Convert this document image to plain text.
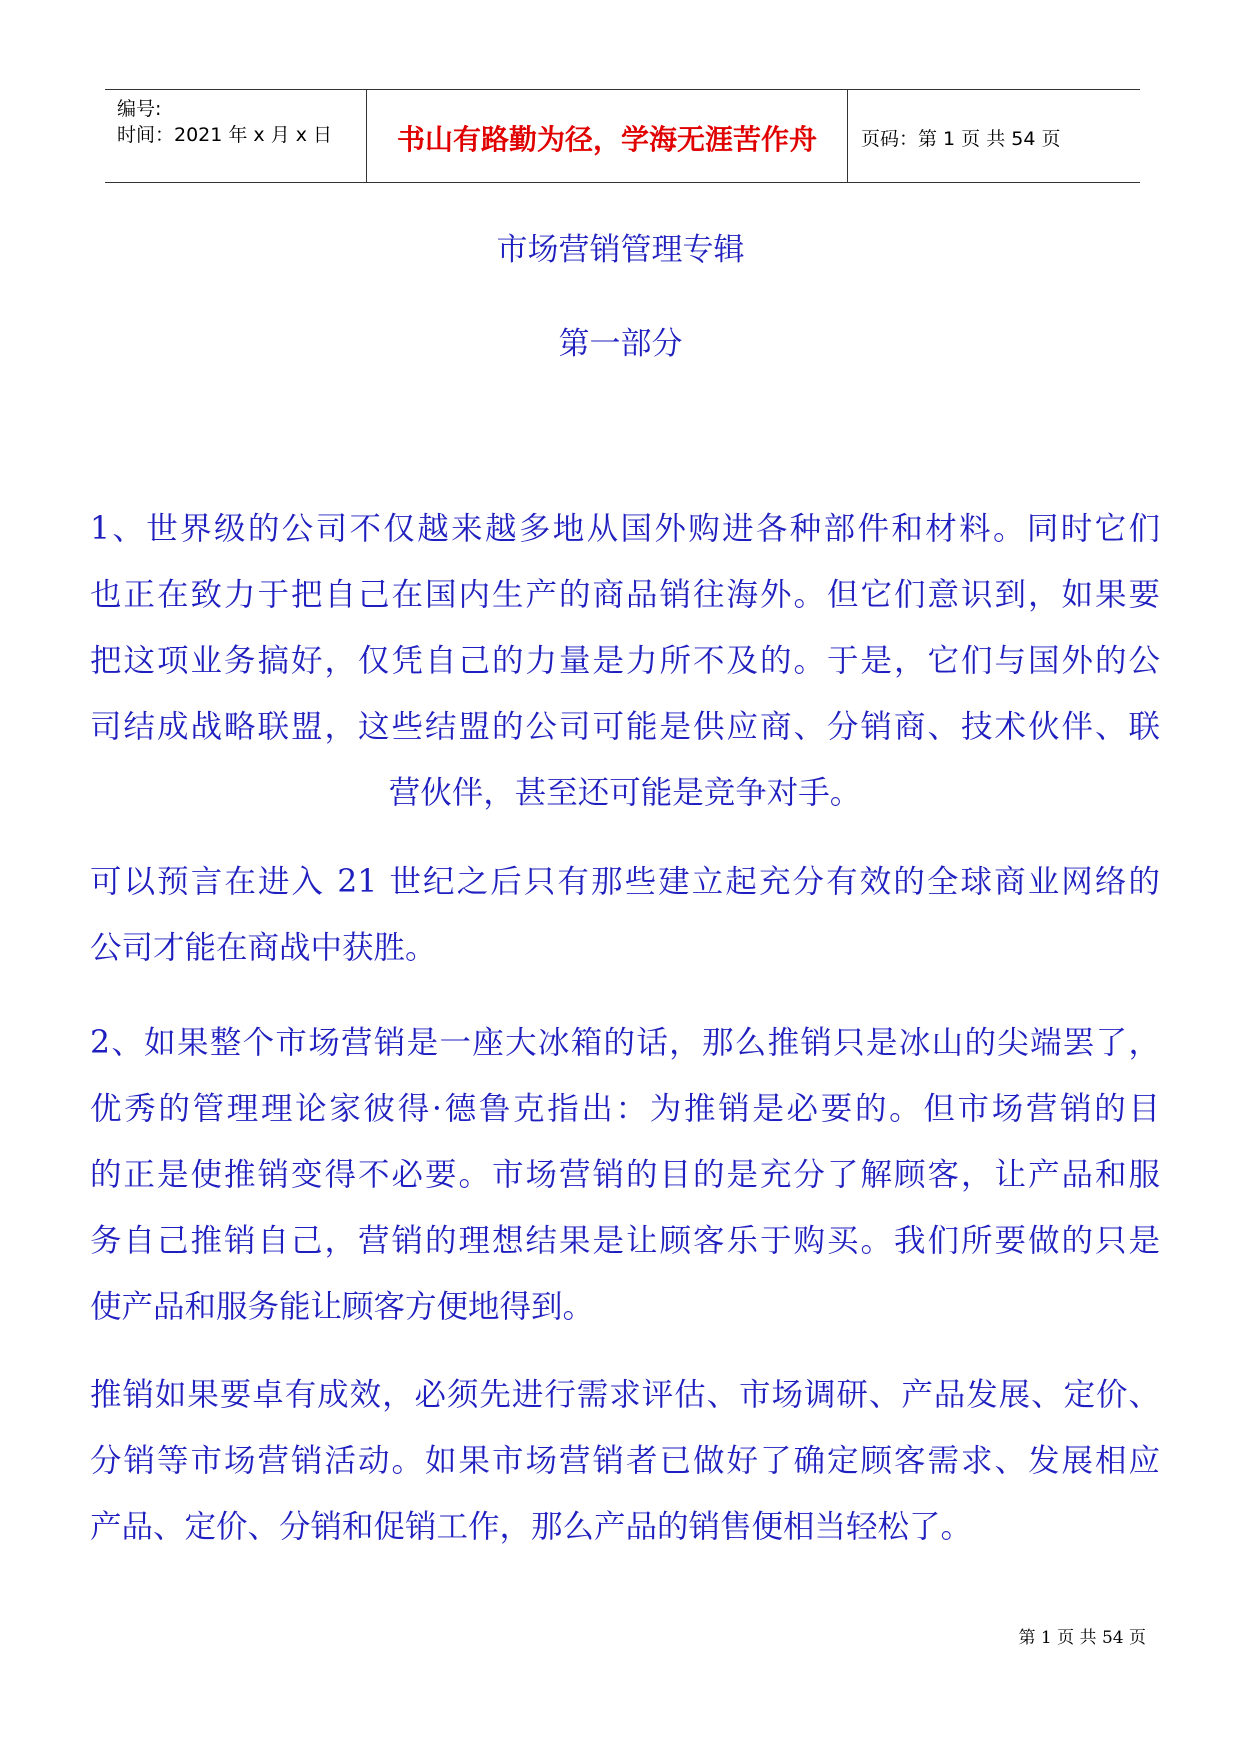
编号:
时间：2021 年 x 月 x 日	书山有路勤为径，学海无涯苦作舟	页码：第 1 页 共 54 页
市场营销管理专辑
第一部分
1、世界级的公司不仅越来越多地从国外购进各种部件和材料。同时它们
也正在致力于把自己在国内生产的商品销往海外。但它们意识到，如果要
把这项业务搞好，仅凭自己的力量是力所不及的。于是，它们与国外的公
司结成战略联盟，这些结盟的公司可能是供应商、分销商、技术伙伴、联
营伙伴，甚至还可能是竞争对手。
可以预言在进入 21 世纪之后只有那些建立起充分有效的全球商业网络的
公司才能在商战中获胜。
2、如果整个市场营销是一座大冰箱的话，那么推销只是冰山的尖端罢了，
优秀的管理理论家彼得·德鲁克指出：为推销是必要的。但市场营销的目
的正是使推销变得不必要。市场营销的目的是充分了解顾客，让产品和服
务自己推销自己，营销的理想结果是让顾客乐于购买。我们所要做的只是
使产品和服务能让顾客方便地得到。
推销如果要卓有成效，必须先进行需求评估、市场调研、产品发展、定价、
分销等市场营销活动。如果市场营销者已做好了确定顾客需求、发展相应
产品、定价、分销和促销工作，那么产品的销售便相当轻松了。
第 1 页 共 54 页
